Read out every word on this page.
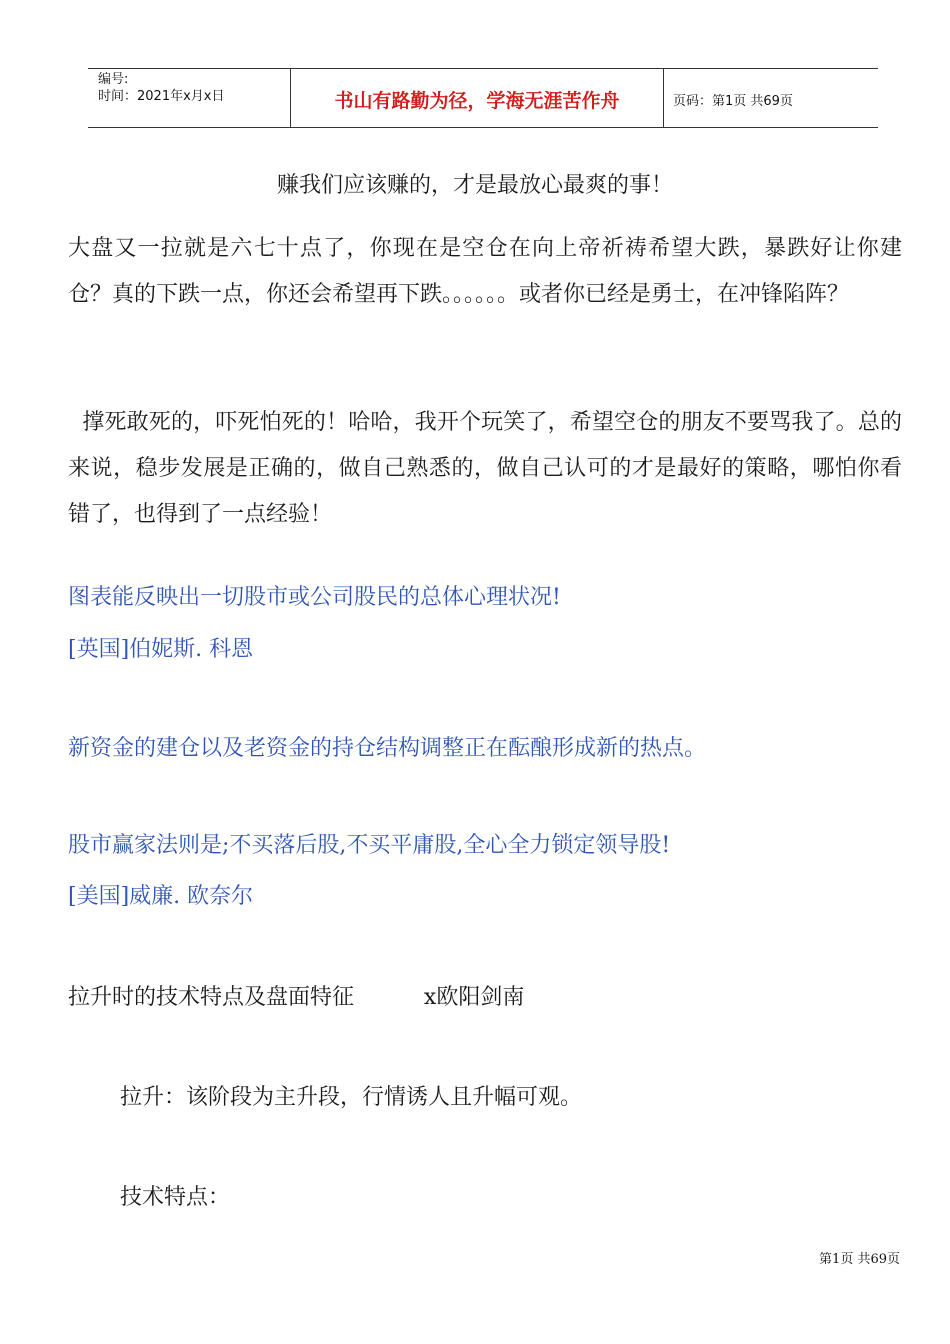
编号:
时间：2021年x月x日	书山有路勤为径，学海无涯苦作舟	页码：第1页 共69页
赚我们应该赚的，才是最放心最爽的事！
大盘又一拉就是六七十点了，你现在是空仓在向上帝祈祷希望大跌，暴跌好让你建仓？真的下跌一点，你还会希望再下跌。。。。。。或者你已经是勇士，在冲锋陷阵？
撑死敢死的，吓死怕死的！哈哈，我开个玩笑了，希望空仓的朋友不要骂我了。总的来说，稳步发展是正确的，做自己熟悉的，做自己认可的才是最好的策略，哪怕你看错了，也得到了一点经验！
图表能反映出一切股市或公司股民的总体心理状况!
[英国]伯妮斯. 科恩
新资金的建仓以及老资金的持仓结构调整正在酝酿形成新的热点。
股市赢家法则是;不买落后股,不买平庸股,全心全力锁定领导股!
[美国]威廉. 欧奈尔
拉升时的技术特点及盘面特征          x欧阳剑南
拉升：该阶段为主升段，行情诱人且升幅可观。
技术特点：
第1页 共69页
